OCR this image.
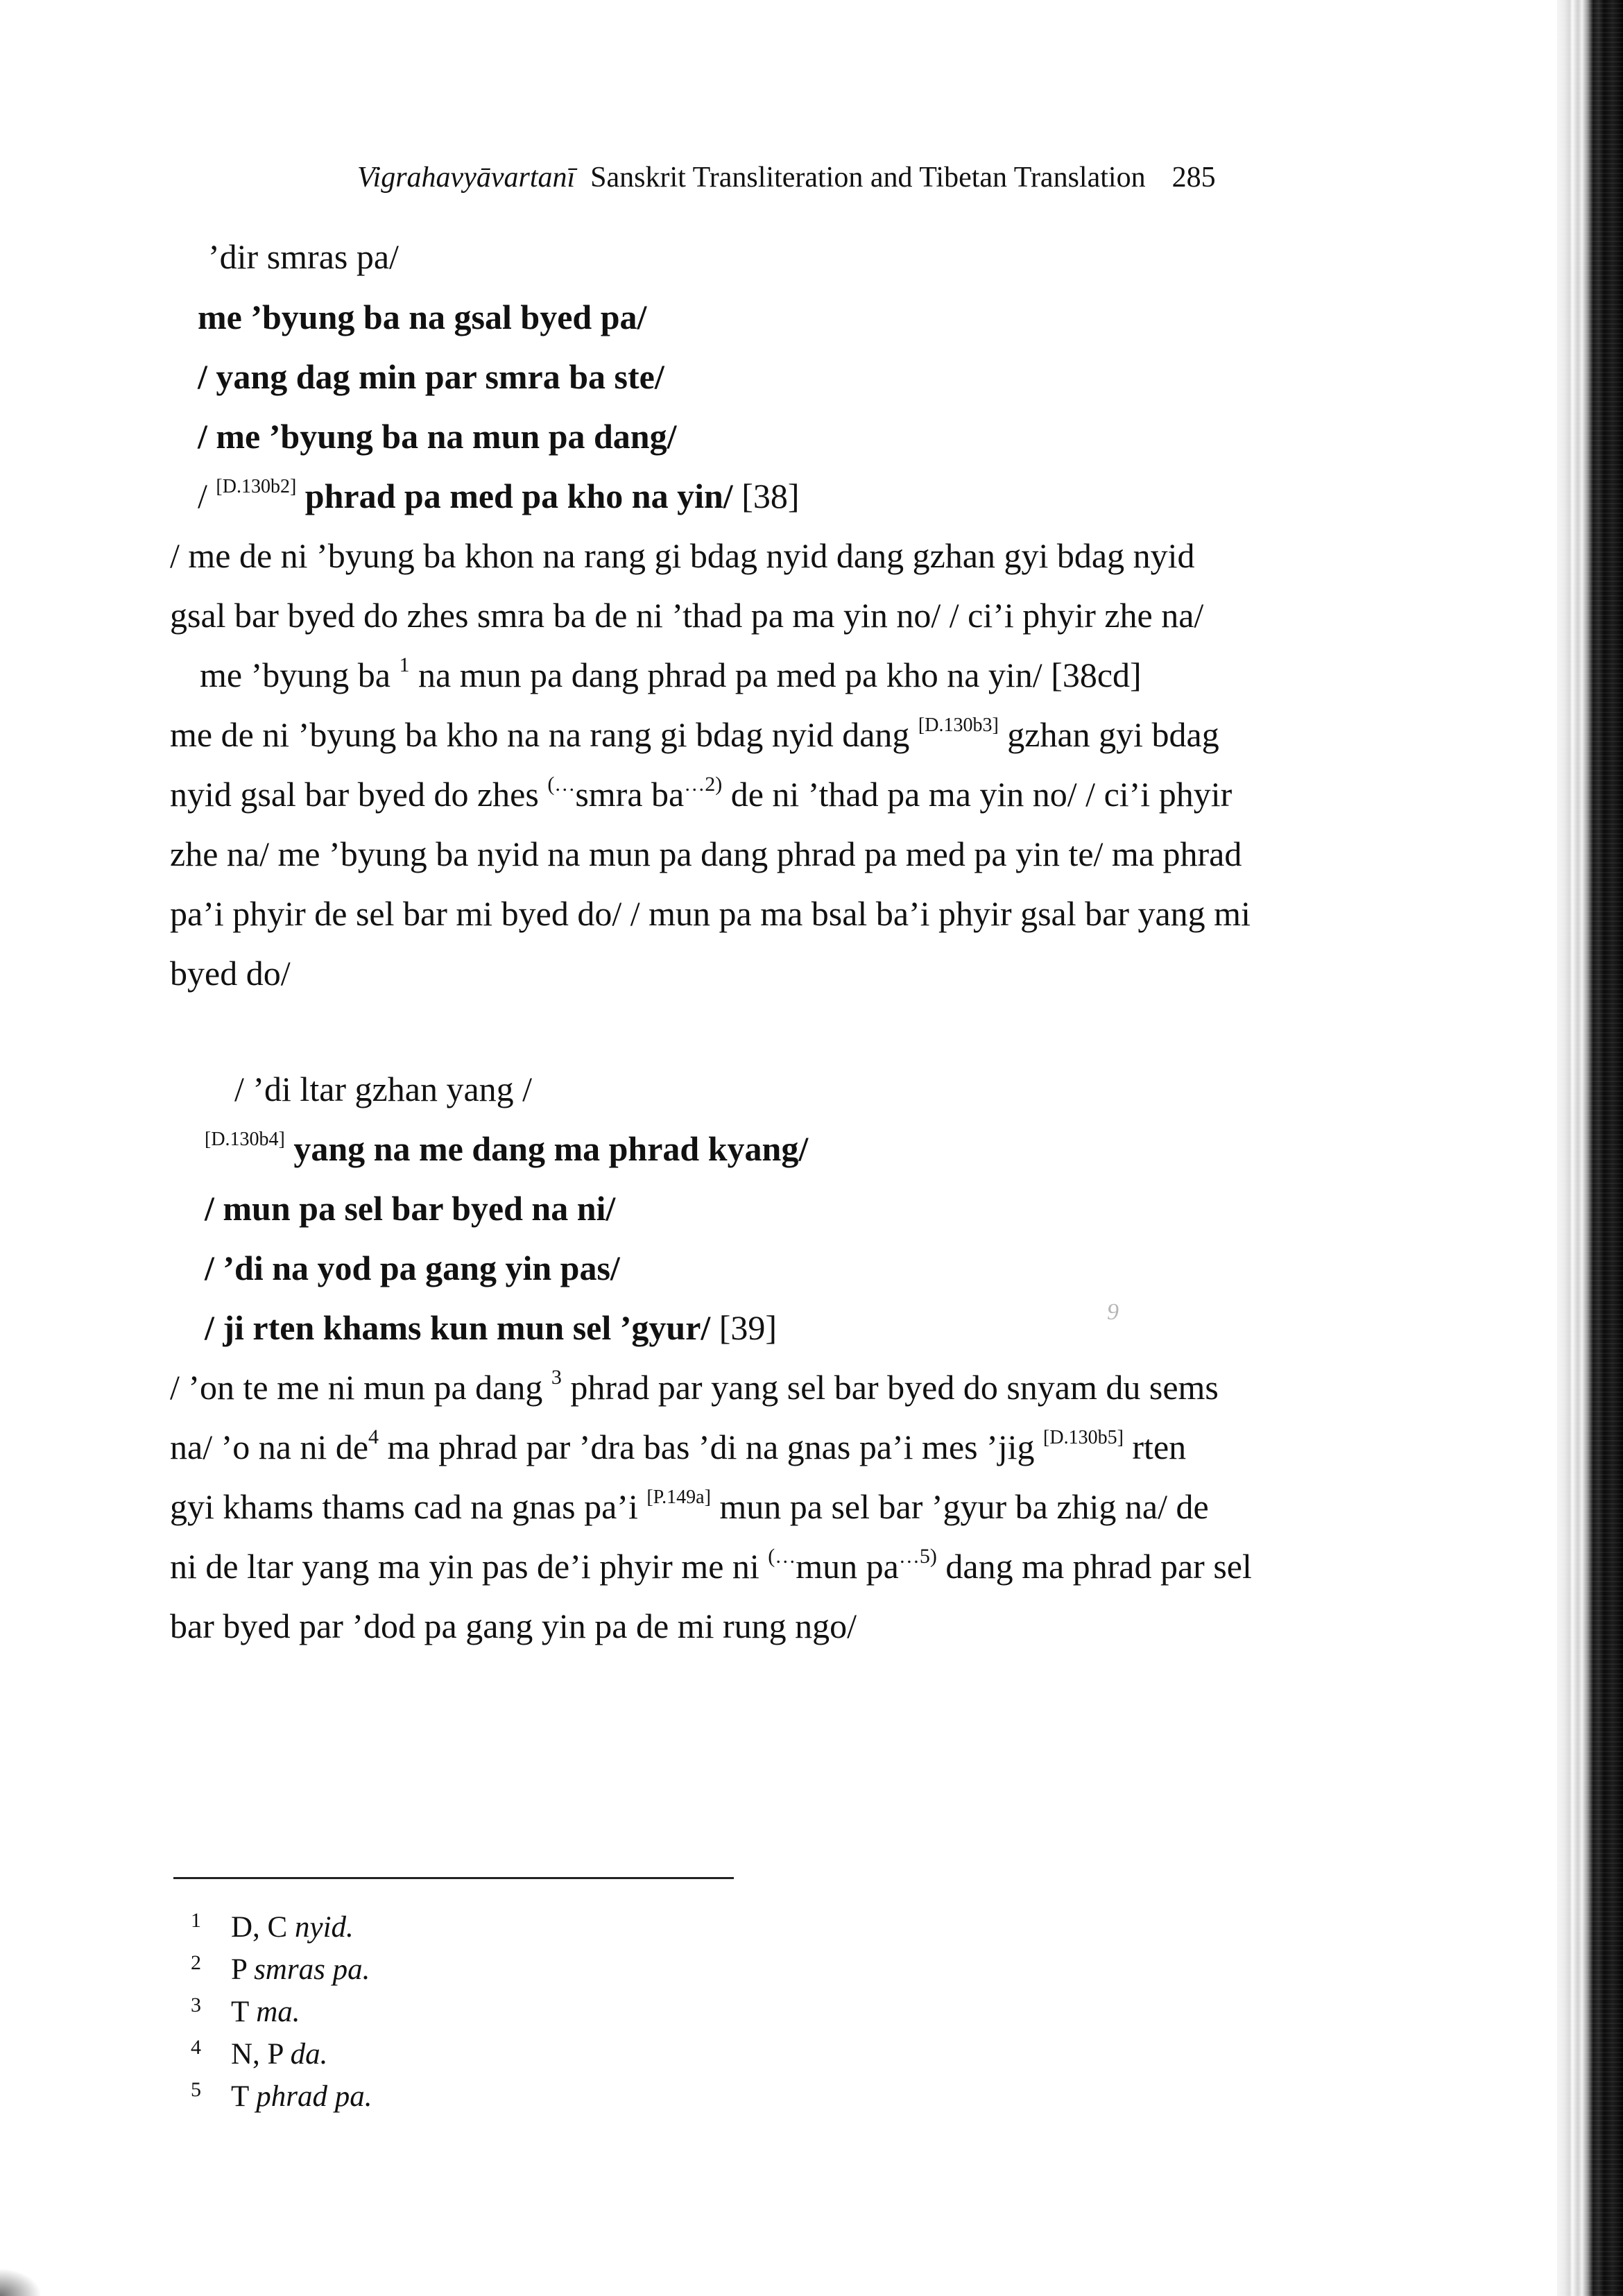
Vigrahavyāvartanī Sanskrit Transliteration and Tibetan Translation 285
’dir smras pa/
me ’byung ba na gsal byed pa/
/ yang dag min par smra ba ste/
/ me ’byung ba na mun pa dang/
/ [D.130b2] phrad pa med pa kho na yin/ [38]
/ me de ni ’byung ba khon na rang gi bdag nyid dang gzhan gyi bdag nyid
gsal bar byed do zhes smra ba de ni ’thad pa ma yin no/ / ci’i phyir zhe na/
me ’byung ba $^1$ na mun pa dang phrad pa med pa kho na yin/ [38cd]
me de ni ’byung ba kho na na rang gi bdag nyid dang [D.130b3] gzhan gyi bdag
nyid gsal bar byed do zhes (…smra $ba^{\dots 2)}$ de ni ’thad pa ma yin no/ / ci’i phyir
zhe na/ me ’byung ba nyid na mun pa dang phrad pa med pa yin te/ ma phrad
pa’i phyir de sel bar mi byed do/ / mun pa ma bsal ba’i phyir gsal bar yang mi
byed do/
/ ’di ltar gzhan yang /
[D.130b4] yang na me dang ma phrad kyang/
/ mun pa sel bar byed na ni/
/ ’di na yod pa gang yin pas/
/ ji rten khams kun mun sel ’gyur/ [39]	9
/ ’on te me ni mun pa dang $^3$ phrad par yang sel bar byed do snyam du sems
na/ ’o na ni $de^4$ ma phrad par ’dra bas ’di na gnas pa’i mes ’jig [D.130b5] rten
gyi khams thams cad na gnas pa’i [P.149a] mun pa sel bar ’gyur ba zhig na/ de
ni de ltar yang ma yin pas de’i phyir me ni (…mun $pa^{\dots 5)}$ dang ma phrad par sel
bar byed par ’dod pa gang yin pa de mi rung ngo/
1 D, C nyid.
2 P smras pa.
3 T ma.
4 N, P da.
5 T phrad pa.
